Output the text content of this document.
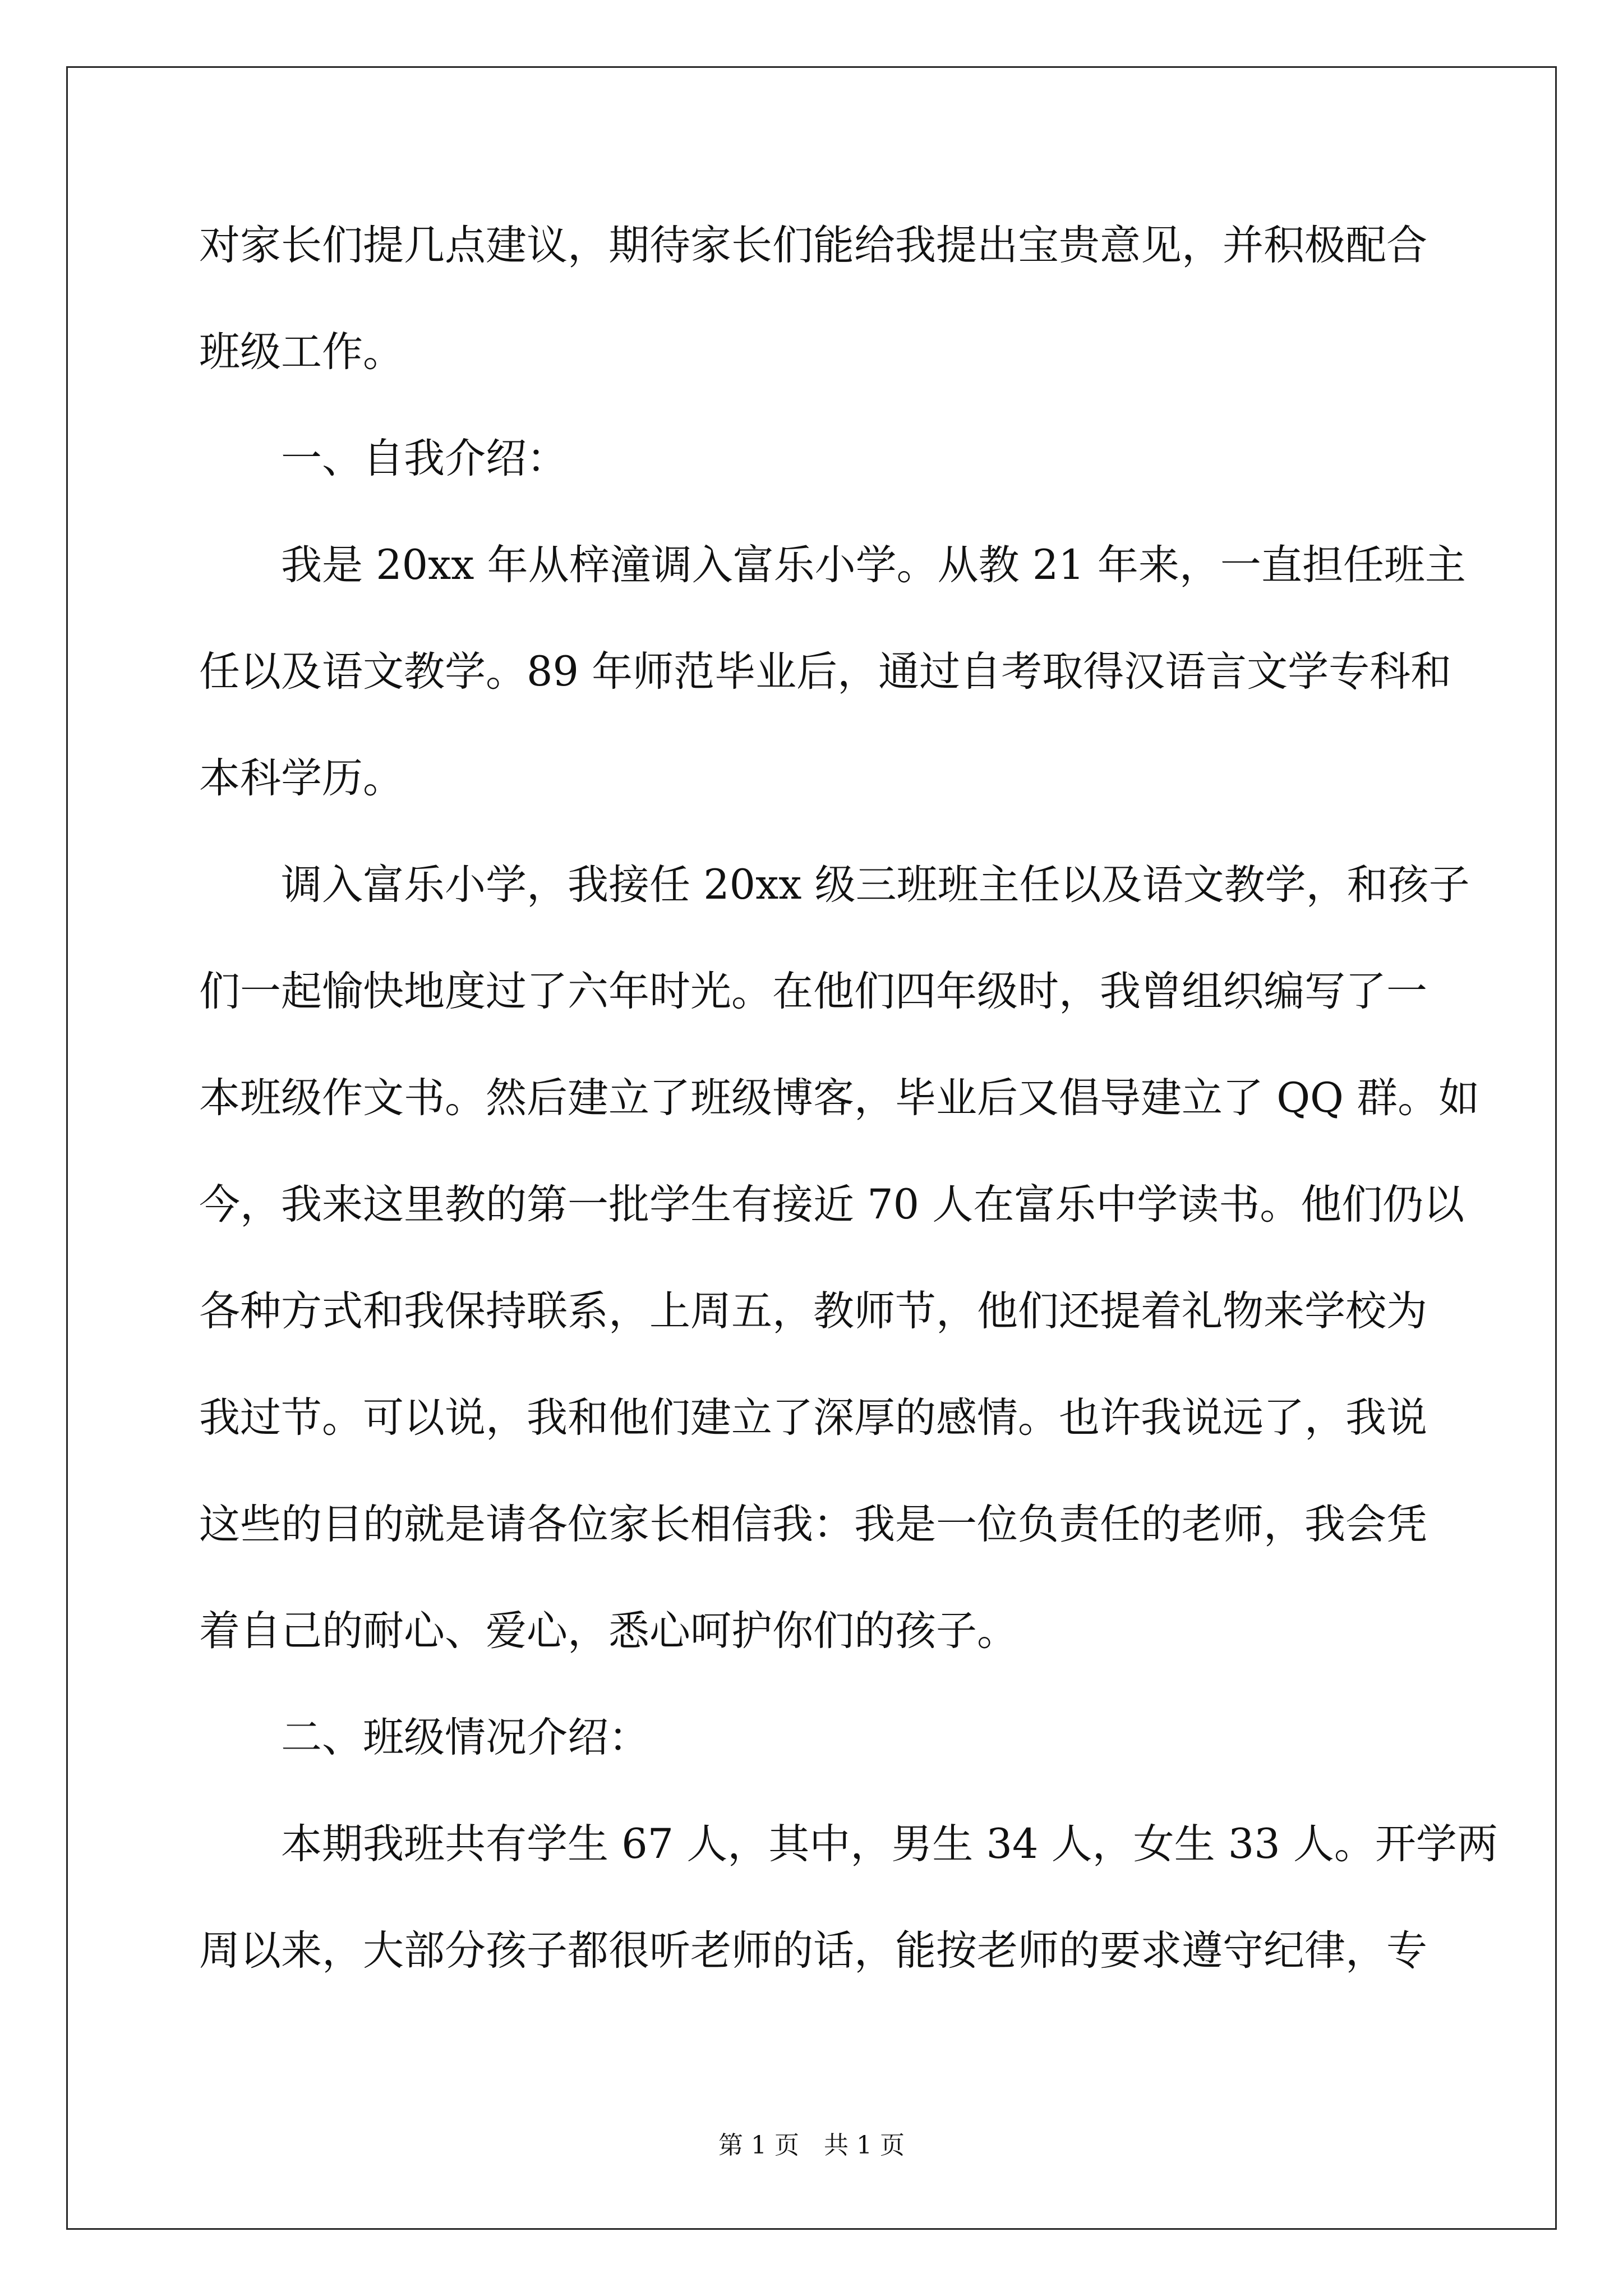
对家长们提几点建议，期待家长们能给我提出宝贵意见，并积极配合
班级工作。
一、自我介绍：
我是 20xx 年从梓潼调入富乐小学。从教 21 年来，一直担任班主
任以及语文教学。89 年师范毕业后，通过自考取得汉语言文学专科和
本科学历。
调入富乐小学，我接任 20xx 级三班班主任以及语文教学，和孩子
们一起愉快地度过了六年时光。在他们四年级时，我曾组织编写了一
本班级作文书。然后建立了班级博客，毕业后又倡导建立了 QQ 群。如
今，我来这里教的第一批学生有接近 70 人在富乐中学读书。他们仍以
各种方式和我保持联系，上周五，教师节，他们还提着礼物来学校为
我过节。可以说，我和他们建立了深厚的感情。也许我说远了，我说
这些的目的就是请各位家长相信我：我是一位负责任的老师，我会凭
着自己的耐心、爱心，悉心呵护你们的孩子。
二、班级情况介绍：
本期我班共有学生 67 人，其中，男生 34 人，女生 33 人。开学两
周以来，大部分孩子都很听老师的话，能按老师的要求遵守纪律，专
第 1 页　共 1 页
